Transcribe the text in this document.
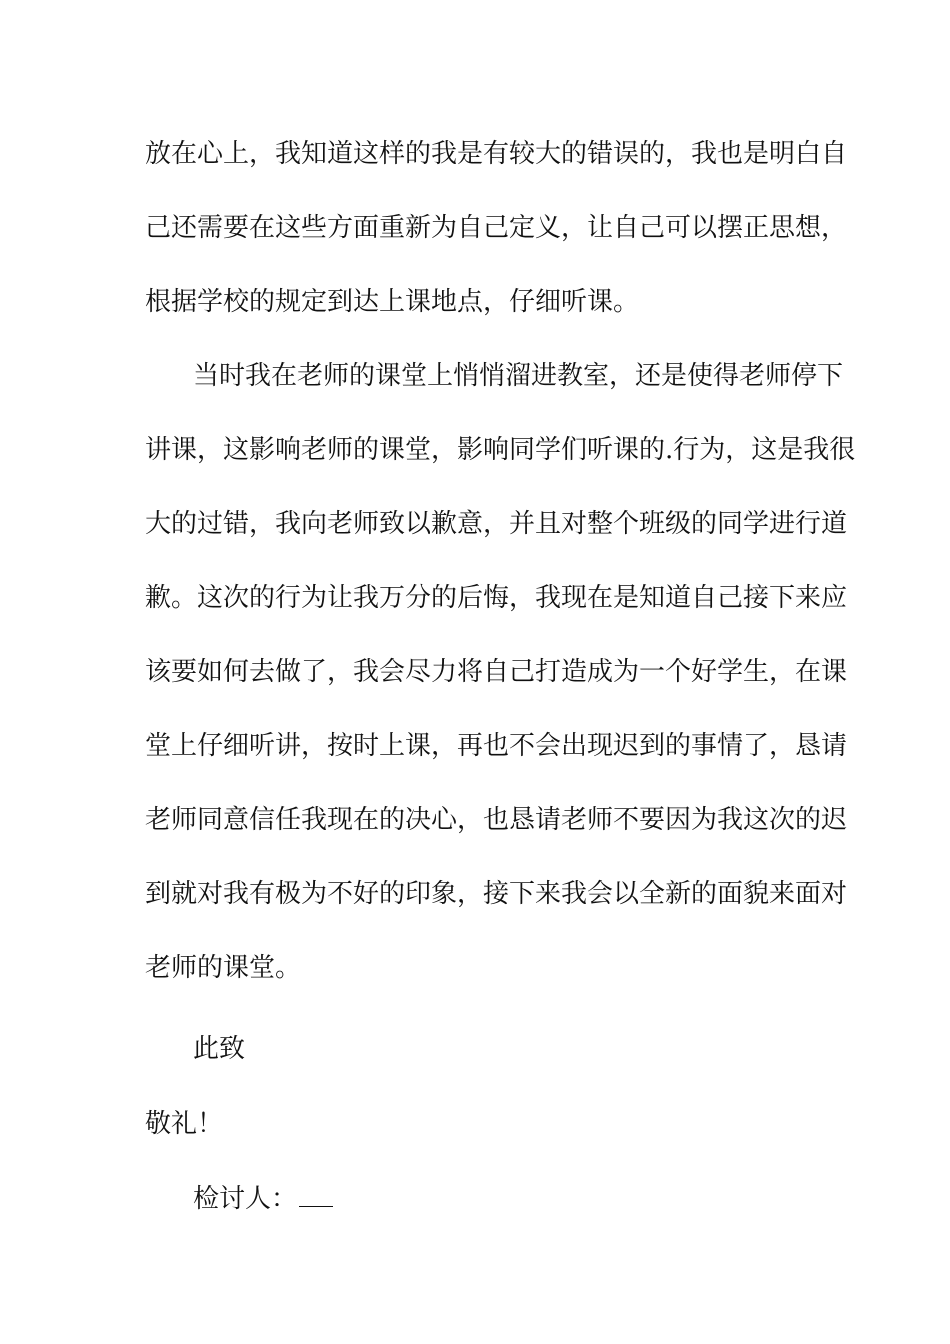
放在心上，我知道这样的我是有较大的错误的，我也是明白自
己还需要在这些方面重新为自己定义，让自己可以摆正思想，
根据学校的规定到达上课地点，仔细听课。
当时我在老师的课堂上悄悄溜进教室，还是使得老师停下
讲课，这影响老师的课堂，影响同学们听课的.行为，这是我很
大的过错，我向老师致以歉意，并且对整个班级的同学进行道
歉。这次的行为让我万分的后悔，我现在是知道自己接下来应
该要如何去做了，我会尽力将自己打造成为一个好学生，在课
堂上仔细听讲，按时上课，再也不会出现迟到的事情了，恳请
老师同意信任我现在的决心，也恳请老师不要因为我这次的迟
到就对我有极为不好的印象，接下来我会以全新的面貌来面对
老师的课堂。
此致
敬礼！
检讨人：
